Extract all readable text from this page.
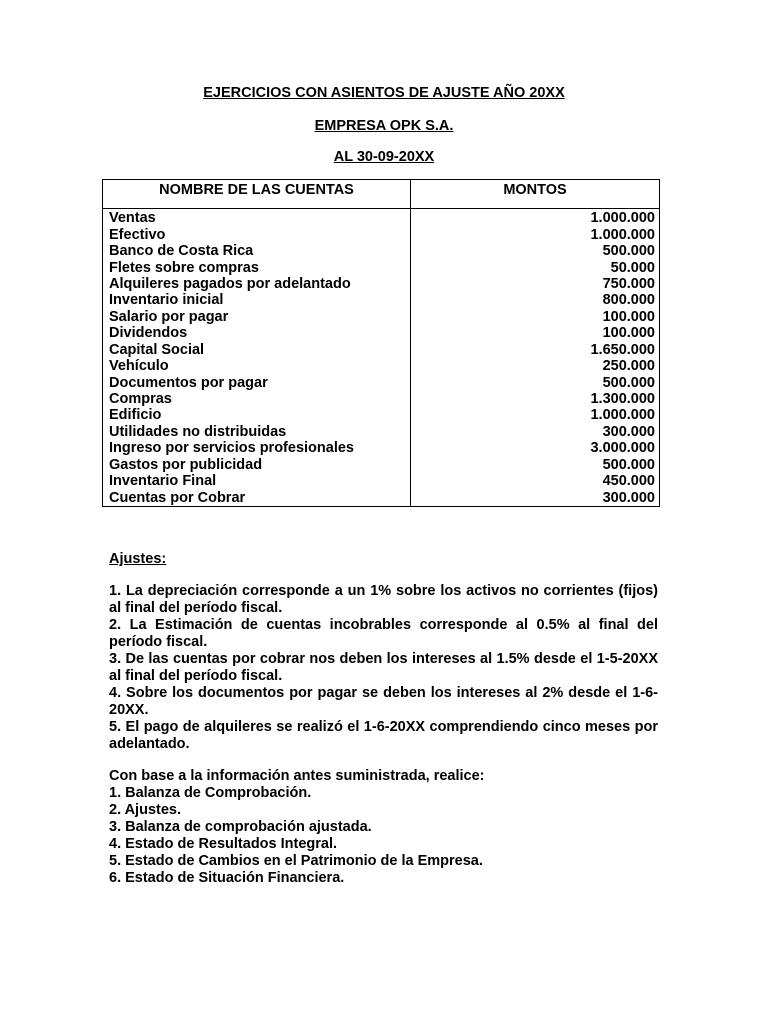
EJERCICIOS CON ASIENTOS DE AJUSTE AÑO 20XX
EMPRESA OPK S.A.
AL 30-09-20XX
NOMBRE DE LAS CUENTAS	MONTOS
Ventas	1.000.000
Efectivo	1.000.000
Banco de Costa Rica	500.000
Fletes sobre compras	50.000
Alquileres pagados por adelantado	750.000
Inventario inicial	800.000
Salario por pagar	100.000
Dividendos	100.000
Capital Social	1.650.000
Vehículo	250.000
Documentos por pagar	500.000
Compras	1.300.000
Edificio	1.000.000
Utilidades no distribuidas	300.000
Ingreso por servicios profesionales	3.000.000
Gastos por publicidad	500.000
Inventario Final	450.000
Cuentas por Cobrar	300.000
Ajustes:

1. La depreciación corresponde a un 1% sobre los activos no corrientes (fijos) al final del período fiscal.

2. La Estimación de cuentas incobrables corresponde al 0.5% al final del período fiscal.

3. De las cuentas por cobrar nos deben los intereses al 1.5% desde el 1-5-20XX al final del período fiscal.

4. Sobre los documentos por pagar se deben los intereses al 2% desde el 1-6-20XX.

5. El pago de alquileres se realizó el 1-6-20XX comprendiendo cinco meses por adelantado.

Con base a la información antes suministrada, realice:

1. Balanza de Comprobación.

2. Ajustes.

3. Balanza de comprobación ajustada.

4. Estado de Resultados Integral.

5. Estado de Cambios en el Patrimonio de la Empresa.

6. Estado de Situación Financiera.
